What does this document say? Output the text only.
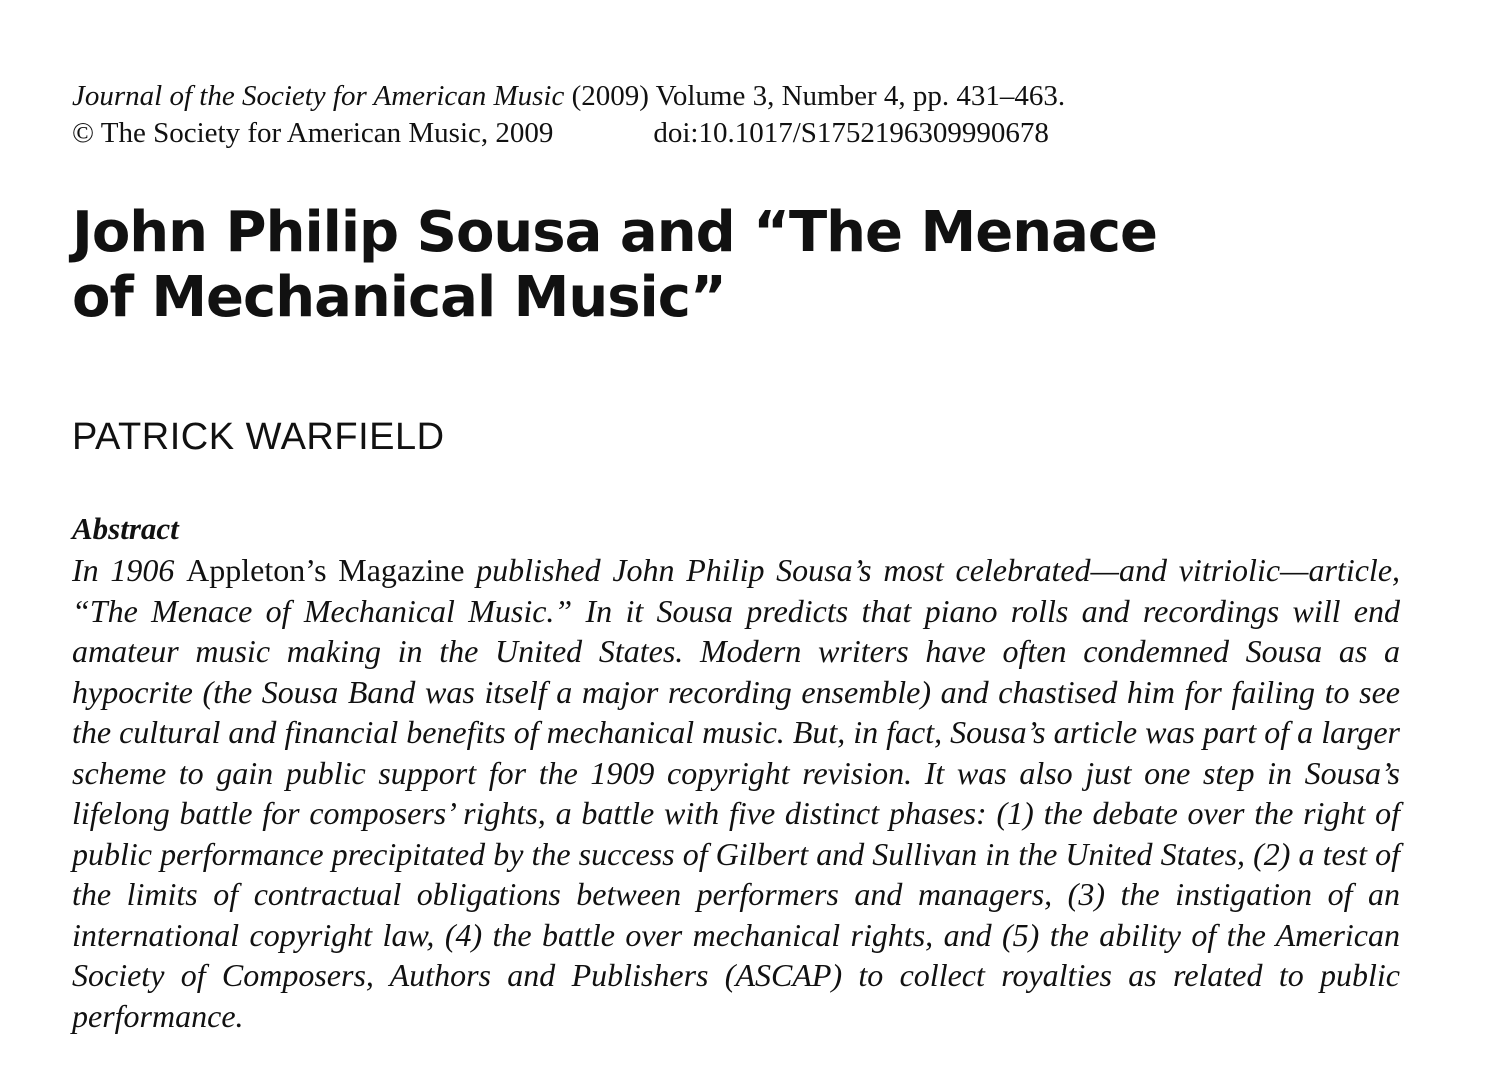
Journal of the Society for American Music (2009) Volume 3, Number 4, pp. 431–463.
© The Society for American Music, 2009	doi:10.1017/S1752196309990678
John Philip Sousa and “The Menace
of Mechanical Music”
PATRICK WARFIELD
Abstract

In 1906 Appleton’s Magazine published John Philip Sousa’s most celebrated—and vitriolic—article, “The Menace of Mechanical Music.” In it Sousa predicts that piano rolls and recordings will end amateur music making in the United States. Modern writers have often condemned Sousa as a hypocrite (the Sousa Band was itself a major recording ensemble) and chastised him for failing to see the cultural and financial benefits of mechanical music. But, in fact, Sousa’s article was part of a larger scheme to gain public support for the 1909 copyright revision. It was also just one step in Sousa’s lifelong battle for composers’ rights, a battle with five distinct phases: (1) the debate over the right of public performance precipitated by the success of Gilbert and Sullivan in the United States, (2) a test of the limits of contractual obligations between performers and managers, (3) the instigation of an international copyright law, (4) the battle over mechanical rights, and (5) the ability of the American Society of Composers, Authors and Publishers (ASCAP) to collect royalties as related to public performance.
